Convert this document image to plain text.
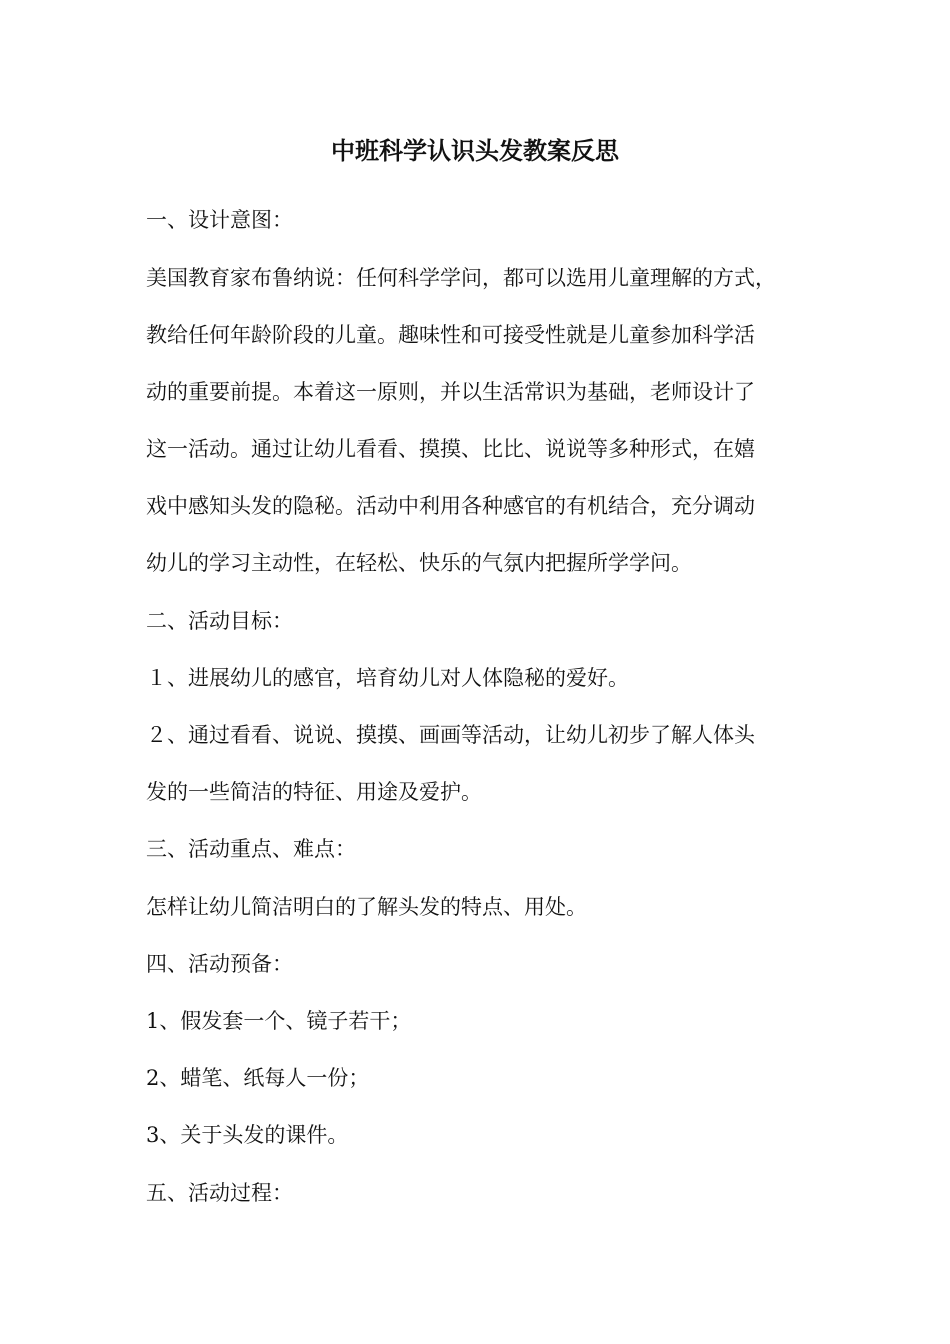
中班科学认识头发教案反思

一、设计意图：

美国教育家布鲁纳说：任何科学学问，都可以选用儿童理解的方式，

教给任何年龄阶段的儿童。趣味性和可接受性就是儿童参加科学活

动的重要前提。本着这一原则，并以生活常识为基础，老师设计了

这一活动。通过让幼儿看看、摸摸、比比、说说等多种形式，在嬉

戏中感知头发的隐秘。活动中利用各种感官的有机结合，充分调动

幼儿的学习主动性，在轻松、快乐的气氛内把握所学学问。

二、活动目标：

１、进展幼儿的感官，培育幼儿对人体隐秘的爱好。

２、通过看看、说说、摸摸、画画等活动，让幼儿初步了解人体头

发的一些简洁的特征、用途及爱护。

三、活动重点、难点：

怎样让幼儿简洁明白的了解头发的特点、用处。

四、活动预备：

1、假发套一个、镜子若干；

2、蜡笔、纸每人一份；

3、关于头发的课件。

五、活动过程：
